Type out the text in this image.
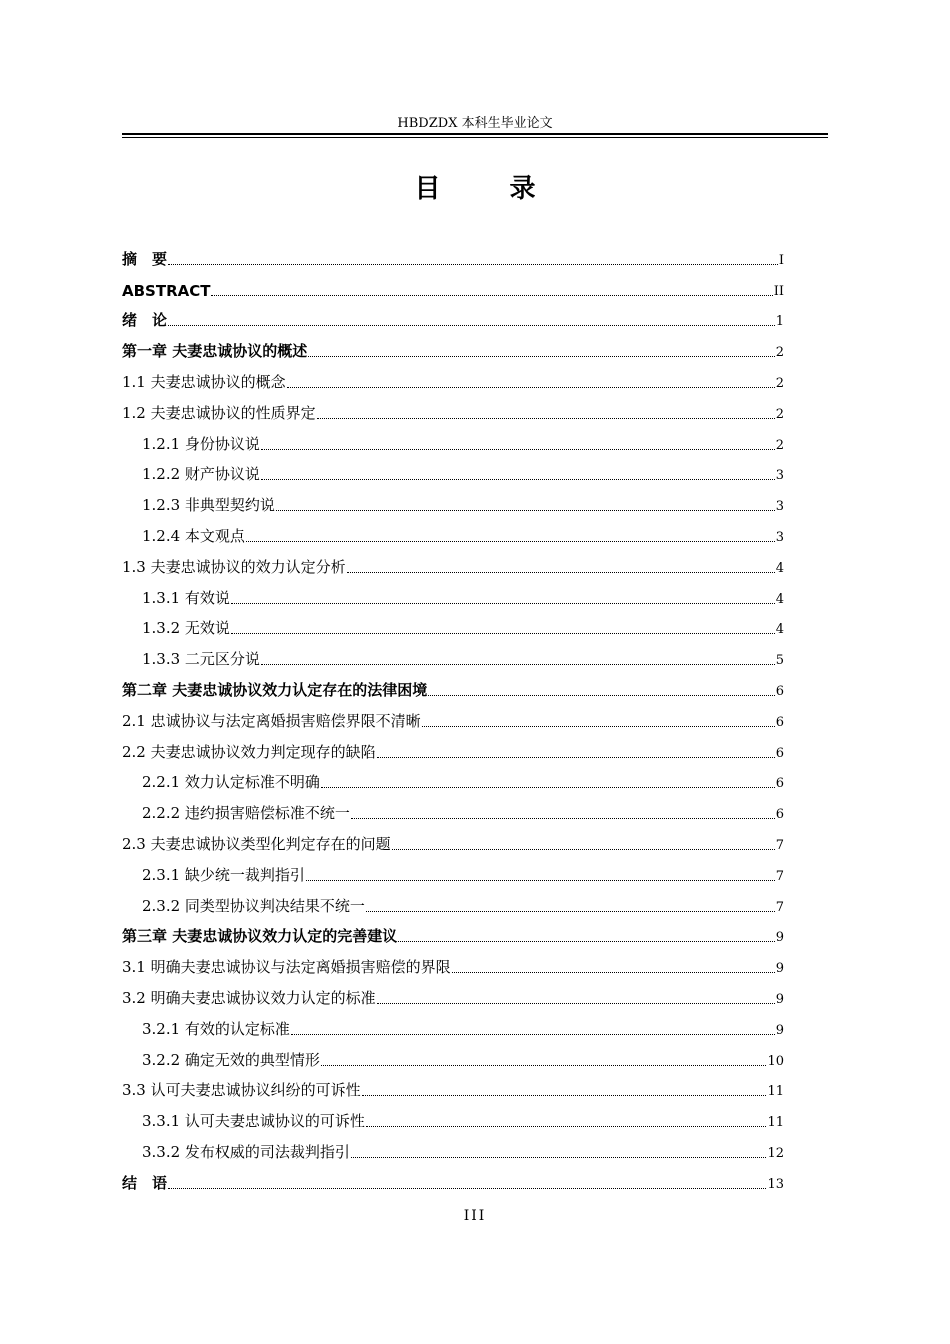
HBDZDX 本科生毕业论文
目 录
摘　要	I
ABSTRACT	II
绪　论	1
第一章 夫妻忠诚协议的概述	2
1.1 夫妻忠诚协议的概念	2
1.2 夫妻忠诚协议的性质界定	2
1.2.1 身份协议说	2
1.2.2 财产协议说	3
1.2.3 非典型契约说	3
1.2.4 本文观点	3
1.3 夫妻忠诚协议的效力认定分析	4
1.3.1 有效说	4
1.3.2 无效说	4
1.3.3 二元区分说	5
第二章 夫妻忠诚协议效力认定存在的法律困境	6
2.1 忠诚协议与法定离婚损害赔偿界限不清晰	6
2.2 夫妻忠诚协议效力判定现存的缺陷	6
2.2.1 效力认定标准不明确	6
2.2.2 违约损害赔偿标准不统一	6
2.3 夫妻忠诚协议类型化判定存在的问题	7
2.3.1 缺少统一裁判指引	7
2.3.2 同类型协议判决结果不统一	7
第三章 夫妻忠诚协议效力认定的完善建议	9
3.1 明确夫妻忠诚协议与法定离婚损害赔偿的界限	9
3.2 明确夫妻忠诚协议效力认定的标准	9
3.2.1 有效的认定标准	9
3.2.2 确定无效的典型情形	10
3.3 认可夫妻忠诚协议纠纷的可诉性	11
3.3.1 认可夫妻忠诚协议的可诉性	11
3.3.2 发布权威的司法裁判指引	12
结　语	13
III
